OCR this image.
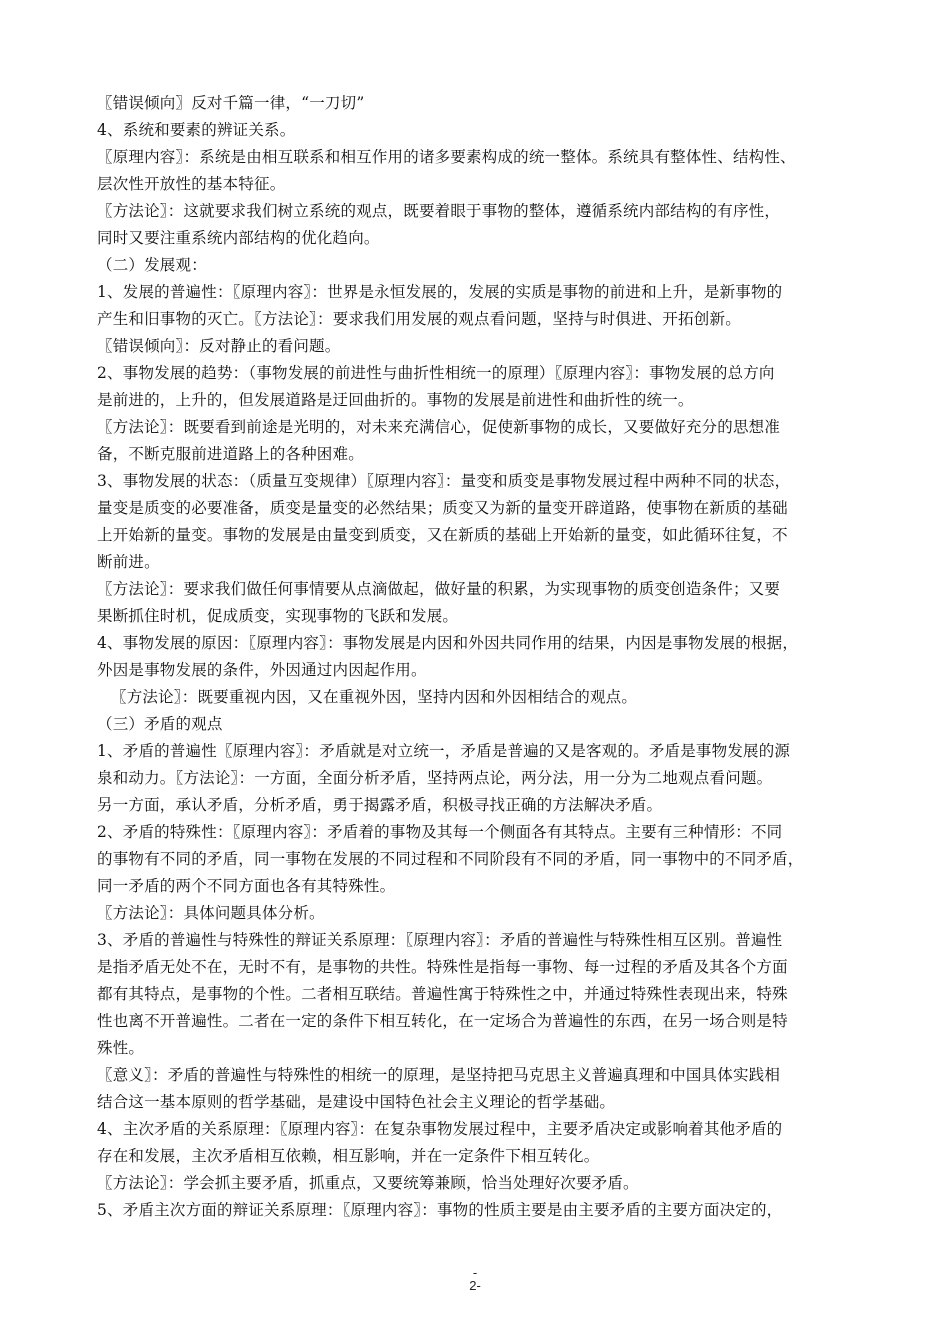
〖错误倾向〗反对千篇一律，“一刀切”
4、系统和要素的辨证关系。
〖原理内容〗：系统是由相互联系和相互作用的诸多要素构成的统一整体。系统具有整体性、结构性、
层次性开放性的基本特征。
〖方法论〗：这就要求我们树立系统的观点，既要着眼于事物的整体，遵循系统内部结构的有序性，
同时又要注重系统内部结构的优化趋向。
（二）发展观：
1、发展的普遍性：〖原理内容〗：世界是永恒发展的，发展的实质是事物的前进和上升，是新事物的
产生和旧事物的灭亡。〖方法论〗：要求我们用发展的观点看问题，坚持与时俱进、开拓创新。
〖错误倾向〗：反对静止的看问题。
2、事物发展的趋势：（事物发展的前进性与曲折性相统一的原理）〖原理内容〗：事物发展的总方向
是前进的，上升的，但发展道路是迂回曲折的。事物的发展是前进性和曲折性的统一。
〖方法论〗：既要看到前途是光明的，对未来充满信心，促使新事物的成长，又要做好充分的思想准
备，不断克服前进道路上的各种困难。
3、事物发展的状态：（质量互变规律）〖原理内容〗：量变和质变是事物发展过程中两种不同的状态，
量变是质变的必要准备，质变是量变的必然结果；质变又为新的量变开辟道路，使事物在新质的基础
上开始新的量变。事物的发展是由量变到质变，又在新质的基础上开始新的量变，如此循环往复，不
断前进。
〖方法论〗：要求我们做任何事情要从点滴做起，做好量的积累，为实现事物的质变创造条件；又要
果断抓住时机，促成质变，实现事物的飞跃和发展。
4、事物发展的原因：〖原理内容〗：事物发展是内因和外因共同作用的结果，内因是事物发展的根据，
外因是事物发展的条件，外因通过内因起作用。
〖方法论〗：既要重视内因，又在重视外因，坚持内因和外因相结合的观点。
（三）矛盾的观点
1、矛盾的普遍性〖原理内容〗：矛盾就是对立统一，矛盾是普遍的又是客观的。矛盾是事物发展的源
泉和动力。〖方法论〗：一方面，全面分析矛盾，坚持两点论，两分法，用一分为二地观点看问题。
另一方面，承认矛盾，分析矛盾，勇于揭露矛盾，积极寻找正确的方法解决矛盾。
2、矛盾的特殊性：〖原理内容〗：矛盾着的事物及其每一个侧面各有其特点。主要有三种情形：不同
的事物有不同的矛盾，同一事物在发展的不同过程和不同阶段有不同的矛盾，同一事物中的不同矛盾，
同一矛盾的两个不同方面也各有其特殊性。
〖方法论〗：具体问题具体分析。
3、矛盾的普遍性与特殊性的辩证关系原理：〖原理内容〗：矛盾的普遍性与特殊性相互区别。普遍性
是指矛盾无处不在，无时不有，是事物的共性。特殊性是指每一事物、每一过程的矛盾及其各个方面
都有其特点，是事物的个性。二者相互联结。普遍性寓于特殊性之中，并通过特殊性表现出来，特殊
性也离不开普遍性。二者在一定的条件下相互转化，在一定场合为普遍性的东西，在另一场合则是特
殊性。
〖意义〗：矛盾的普遍性与特殊性的相统一的原理，是坚持把马克思主义普遍真理和中国具体实践相
结合这一基本原则的哲学基础，是建设中国特色社会主义理论的哲学基础。
4、主次矛盾的关系原理：〖原理内容〗：在复杂事物发展过程中，主要矛盾决定或影响着其他矛盾的
存在和发展，主次矛盾相互依赖，相互影响，并在一定条件下相互转化。
〖方法论〗：学会抓主要矛盾，抓重点，又要统筹兼顾，恰当处理好次要矛盾。
5、矛盾主次方面的辩证关系原理：〖原理内容〗：事物的性质主要是由主要矛盾的主要方面决定的，
-
2-
